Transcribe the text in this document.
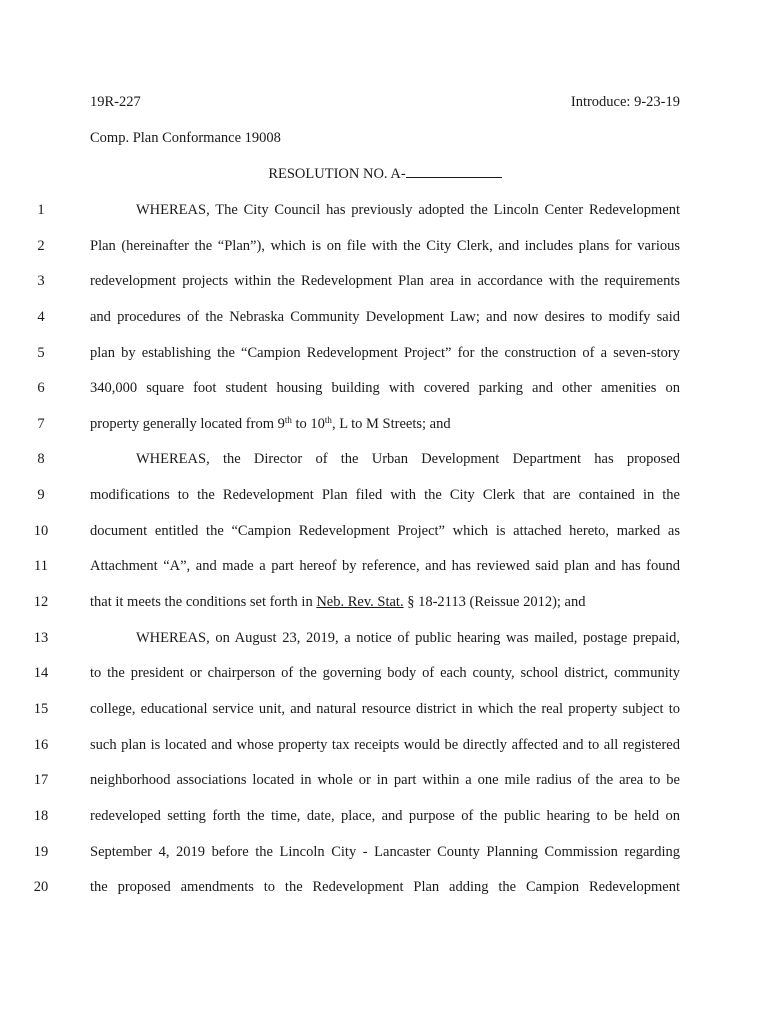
19R-227	Introduce: 9-23-19
Comp. Plan Conformance 19008
RESOLUTION NO. A-
1
2
3
4
5
6
7
8
9
10
11
12
13
14
15
16
17
18
19
20
WHEREAS, The City Council has previously adopted the Lincoln Center Redevelopment
Plan (hereinafter the “Plan”), which is on file with the City Clerk, and includes plans for various
redevelopment projects within the Redevelopment Plan area in accordance with the requirements
and procedures of the Nebraska Community Development Law; and now desires to modify said
plan by establishing the “Campion Redevelopment Project” for the construction of a seven-story
340,000 square foot student housing building with covered parking and other amenities on
property generally located from 9th to 10th, L to M Streets; and
WHEREAS, the Director of the Urban Development Department has proposed
modifications to the Redevelopment Plan filed with the City Clerk that are contained in the
document entitled the “Campion Redevelopment Project” which is attached hereto, marked as
Attachment “A”, and made a part hereof by reference, and has reviewed said plan and has found
that it meets the conditions set forth in Neb. Rev. Stat. § 18-2113 (Reissue 2012); and
WHEREAS, on August 23, 2019, a notice of public hearing was mailed, postage prepaid,
to the president or chairperson of the governing body of each county, school district, community
college, educational service unit, and natural resource district in which the real property subject to
such plan is located and whose property tax receipts would be directly affected and to all registered
neighborhood associations located in whole or in part within a one mile radius of the area to be
redeveloped setting forth the time, date, place, and purpose of the public hearing to be held on
September 4, 2019 before the Lincoln City - Lancaster County Planning Commission regarding
the proposed amendments to the Redevelopment Plan adding the Campion Redevelopment
